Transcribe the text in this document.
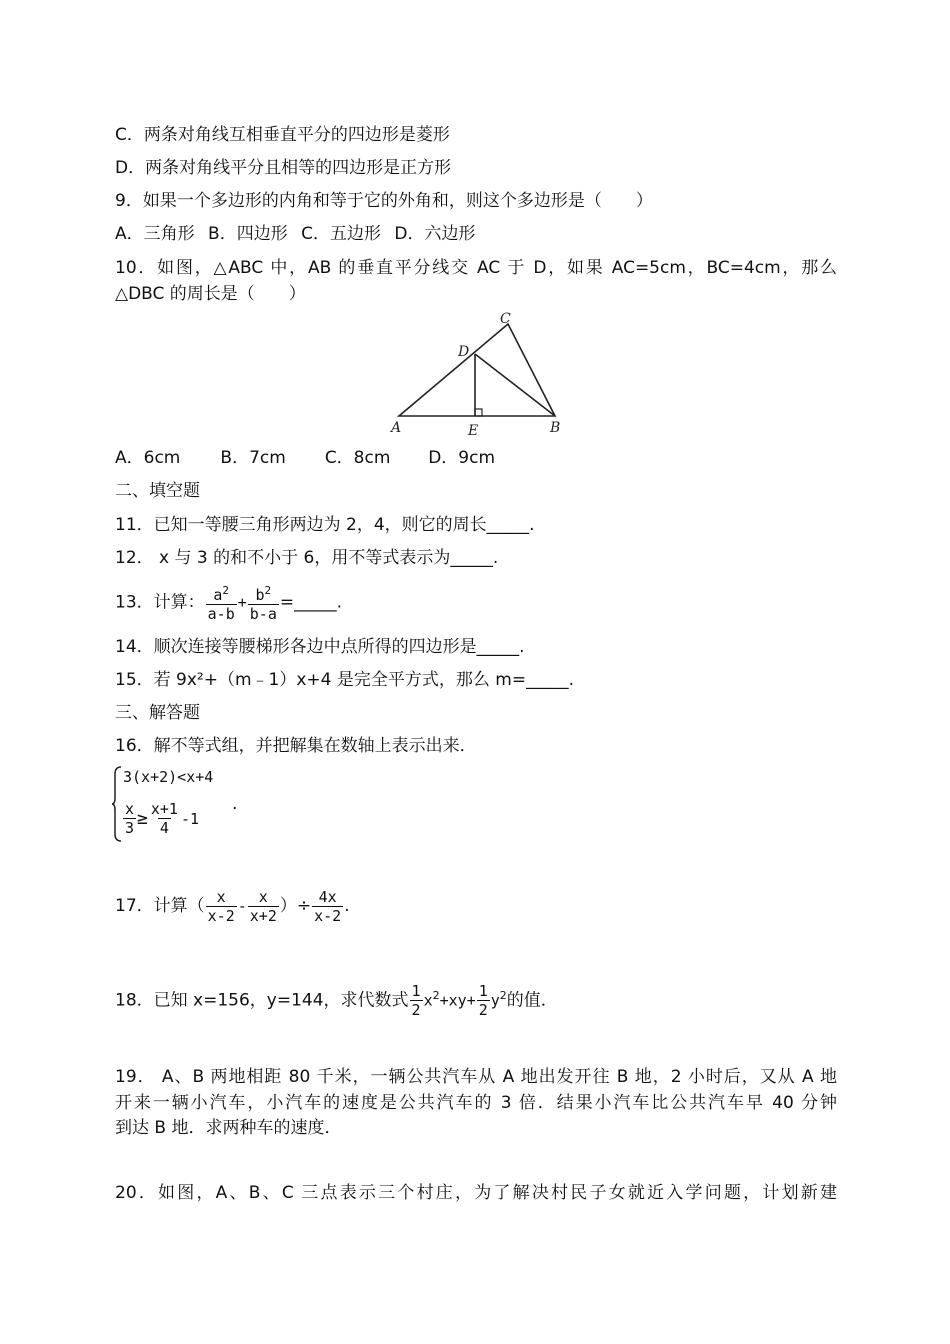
C．两条对角线互相垂直平分的四边形是菱形
D．两条对角线平分且相等的四边形是正方形
9．如果一个多边形的内角和等于它的外角和，则这个多边形是（　　）
A．三角形 B．四边形 C．五边形 D．六边形
10．如图，△ABC 中，AB 的垂直平分线交 AC 于 D，如果 AC=5cm，BC=4cm，那么
△DBC 的周长是（　　）
A	E	B
C
D
A．6cm B．7cm C．8cm D．9cm
二、填空题
11．已知一等腰三角形两边为 2，4，则它的周长_____.
12． x 与 3 的和不小于 6，用不等式表示为_____.
13．计算： $\frac{a^2}{a-b} + \frac{b^2}{b-a}$ =_____.
14．顺次连接等腰梯形各边中点所得的四边形是_____.
15．若 9x²+（m﹣1）x+4 是完全平方式，那么 m=_____.
三、解答题
16．解不等式组，并把解集在数轴上表示出来．
3(x+2)<x+4
$\frac{x}{3} \ge \frac{x+1}{4} -1$
.
17．计算（ $\frac{x}{x-2} - \frac{x}{x+2}$ ）÷ $\frac{4x}{x-2}$ .
18．已知 x=156，y=144，求代数式 $\frac{1}{2} x^2+xy+ \frac{1}{2} y^2$的值．
19． A、B 两地相距 80 千米，一辆公共汽车从 A 地出发开往 B 地，2 小时后，又从 A 地
开来一辆小汽车，小汽车的速度是公共汽车的 3 倍．结果小汽车比公共汽车早 40 分钟
到达 B 地．求两种车的速度．
20．如图，A、B、C 三点表示三个村庄，为了解决村民子女就近入学问题，计划新建
